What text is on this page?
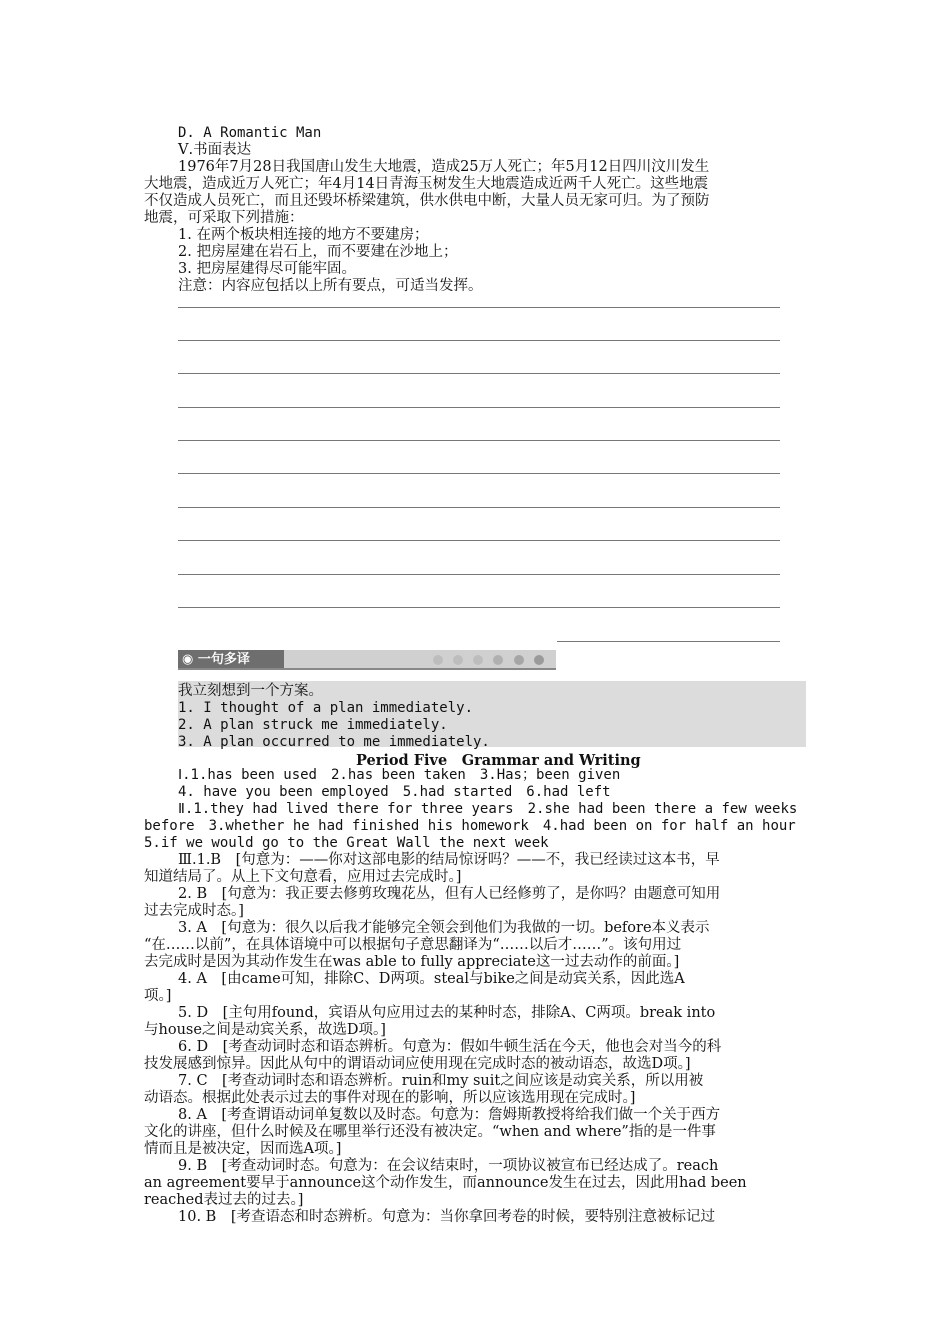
D. A Romantic Man
Ⅴ.书面表达
1976年7月28日我国唐山发生大地震，造成25万人死亡；年5月12日四川汶川发生
大地震，造成近万人死亡；年4月14日青海玉树发生大地震造成近两千人死亡。这些地震
不仅造成人员死亡，而且还毁坏桥梁建筑，供水供电中断，大量人员无家可归。为了预防
地震，可采取下列措施：
1. 在两个板块相连接的地方不要建房；
2. 把房屋建在岩石上，而不要建在沙地上；
3. 把房屋建得尽可能牢固。
注意：内容应包括以上所有要点，可适当发挥。
◉ 一句多译
我立刻想到一个方案。
1. I thought of a plan immediately.
2. A plan struck me immediately.
3. A plan occurred to me immediately.
Period Five　Grammar and Writing
Ⅰ.1.has been used　2.has been taken　3.Has；been given
4. have you been employed　5.had started　6.had left
Ⅱ.1.they had lived there for three years　2.she had been there a few weeks
before　3.whether he had finished his homework　4.had been on for half an hour
5.if we would go to the Great Wall the next week
Ⅲ.1.B　[句意为：——你对这部电影的结局惊讶吗？——不，我已经读过这本书，早
知道结局了。从上下文句意看，应用过去完成时。]
2. B　[句意为：我正要去修剪玫瑰花丛，但有人已经修剪了，是你吗？由题意可知用
过去完成时态。]
3. A　[句意为：很久以后我才能够完全领会到他们为我做的一切。before本义表示
“在……以前”，在具体语境中可以根据句子意思翻译为“……以后才……”。该句用过
去完成时是因为其动作发生在was able to fully appreciate这一过去动作的前面。]
4. A　[由came可知，排除C、D两项。steal与bike之间是动宾关系，因此选A
项。]
5. D　[主句用found，宾语从句应用过去的某种时态，排除A、C两项。break into
与house之间是动宾关系，故选D项。]
6. D　[考查动词时态和语态辨析。句意为：假如牛顿生活在今天，他也会对当今的科
技发展感到惊异。因此从句中的谓语动词应使用现在完成时态的被动语态，故选D项。]
7. C　[考查动词时态和语态辨析。ruin和my suit之间应该是动宾关系，所以用被
动语态。根据此处表示过去的事件对现在的影响，所以应该选用现在完成时。]
8. A　[考查谓语动词单复数以及时态。句意为：詹姆斯教授将给我们做一个关于西方
文化的讲座，但什么时候及在哪里举行还没有被决定。“when and where”指的是一件事
情而且是被决定，因而选A项。]
9. B　[考查动词时态。句意为：在会议结束时，一项协议被宣布已经达成了。reach
an agreement要早于announce这个动作发生，而announce发生在过去，因此用had been
reached表过去的过去。]
10. B　[考查语态和时态辨析。句意为：当你拿回考卷的时候，要特别注意被标记过
